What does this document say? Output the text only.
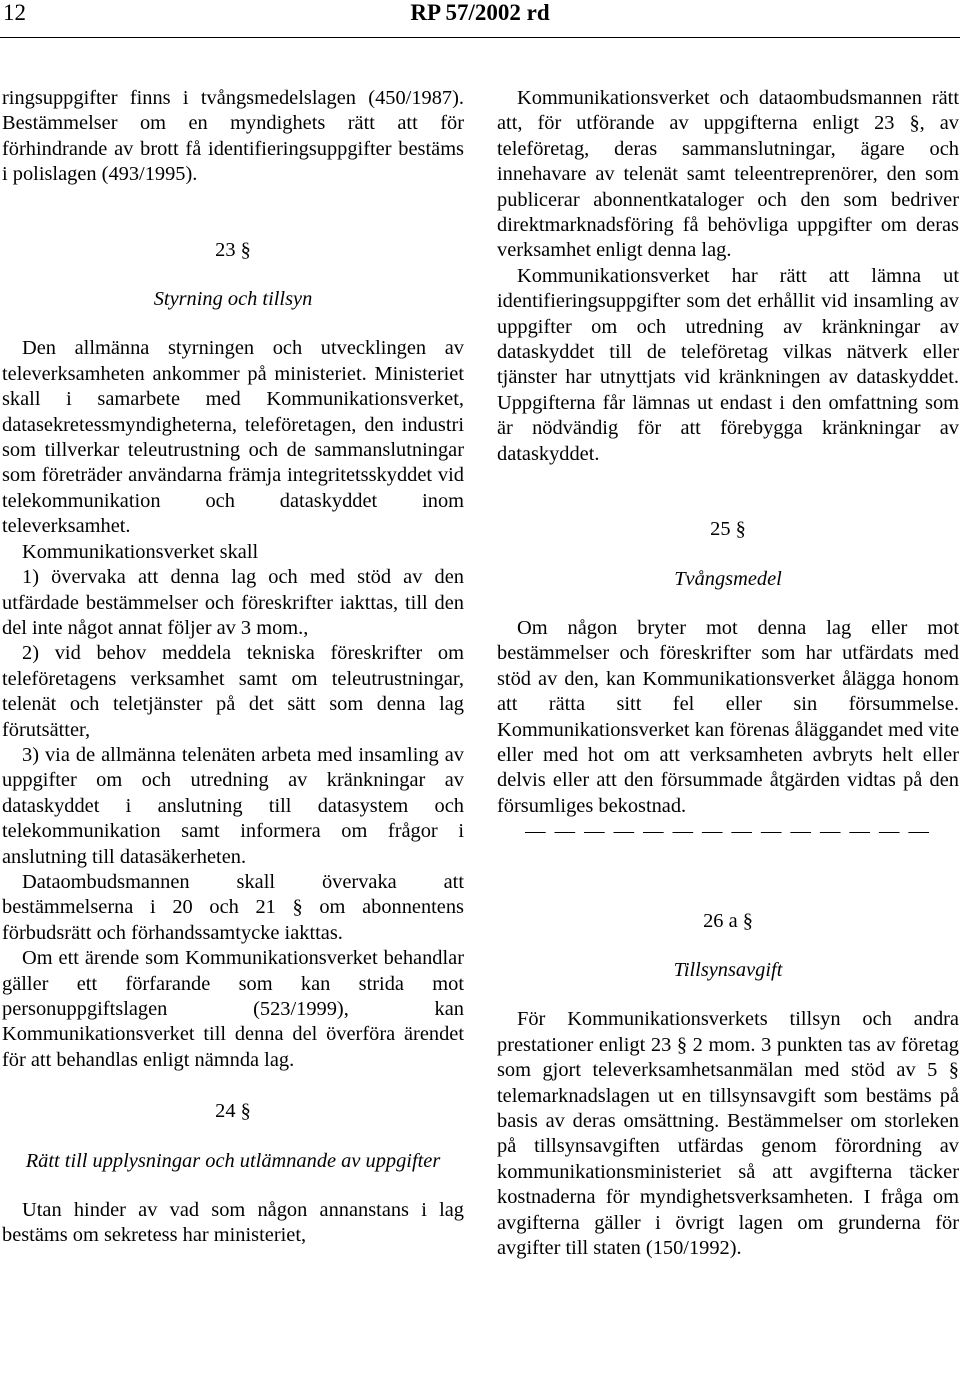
12	RP 57/2002 rd

ringsuppgifter finns i tvångsmedelslagen (450/1987). Bestämmelser om en myndighets rätt att för förhindrande av brott få identifieringsuppgifter bestäms i polislagen (493/1995).

23 §

Styrning och tillsyn

Den allmänna styrningen och utvecklingen av televerksamheten ankommer på ministeriet. Ministeriet skall i samarbete med Kommunikationsverket, datasekretessmyndigheterna, teleföretagen, den industri som tillverkar teleutrustning och de sammanslutningar som företräder användarna främja integritetsskyddet vid telekommunikation och dataskyddet inom televerksamhet.

Kommunikationsverket skall

1) övervaka att denna lag och med stöd av den utfärdade bestämmelser och föreskrifter iakttas, till den del inte något annat följer av 3 mom.,

2) vid behov meddela tekniska föreskrifter om teleföretagens verksamhet samt om teleutrustningar, telenät och teletjänster på det sätt som denna lag förutsätter,

3) via de allmänna telenäten arbeta med insamling av uppgifter om och utredning av kränkningar av dataskyddet i anslutning till datasystem och telekommunikation samt informera om frågor i anslutning till datasäkerheten.

Dataombudsmannen skall övervaka att bestämmelserna i 20 och 21 § om abonnentens förbudsrätt och förhandssamtycke iakttas.

Om ett ärende som Kommunikationsverket behandlar gäller ett förfarande som kan strida mot personuppgiftslagen (523/1999), kan Kommunikationsverket till denna del överföra ärendet för att behandlas enligt nämnda lag.

24 §

Rätt till upplysningar och utlämnande av uppgifter

Utan hinder av vad som någon annanstans i lag bestäms om sekretess har ministeriet,

Kommunikationsverket och dataombudsmannen rätt att, för utförande av uppgifterna enligt 23 §, av teleföretag, deras sammanslutningar, ägare och innehavare av telenät samt teleentreprenörer, den som publicerar abonnentkataloger och den som bedriver direktmarknadsföring få behövliga uppgifter om deras verksamhet enligt denna lag.

Kommunikationsverket har rätt att lämna ut identifieringsuppgifter som det erhållit vid insamling av uppgifter om och utredning av kränkningar av dataskyddet till de teleföretag vilkas nätverk eller tjänster har utnyttjats vid kränkningen av dataskyddet. Uppgifterna får lämnas ut endast i den omfattning som är nödvändig för att förebygga kränkningar av dataskyddet.

25 §

Tvångsmedel

Om någon bryter mot denna lag eller mot bestämmelser och föreskrifter som har utfärdats med stöd av den, kan Kommunikationsverket ålägga honom att rätta sitt fel eller sin försummelse. Kommunikationsverket kan förenas åläggandet med vite eller med hot om att verksamheten avbryts helt eller delvis eller att den försummade åtgärden vidtas på den försumliges bekostnad.

— — — — — — — — — — — — — —

26 a §

Tillsynsavgift

För Kommunikationsverkets tillsyn och andra prestationer enligt 23 § 2 mom. 3 punkten tas av företag som gjort televerksamhetsanmälan med stöd av 5 § telemarknadslagen ut en tillsynsavgift som bestäms på basis av deras omsättning. Bestämmelser om storleken på tillsynsavgiften utfärdas genom förordning av kommunikationsministeriet så att avgifterna täcker kostnaderna för myndighetsverksamheten. I fråga om avgifterna gäller i övrigt lagen om grunderna för avgifter till staten (150/1992).
